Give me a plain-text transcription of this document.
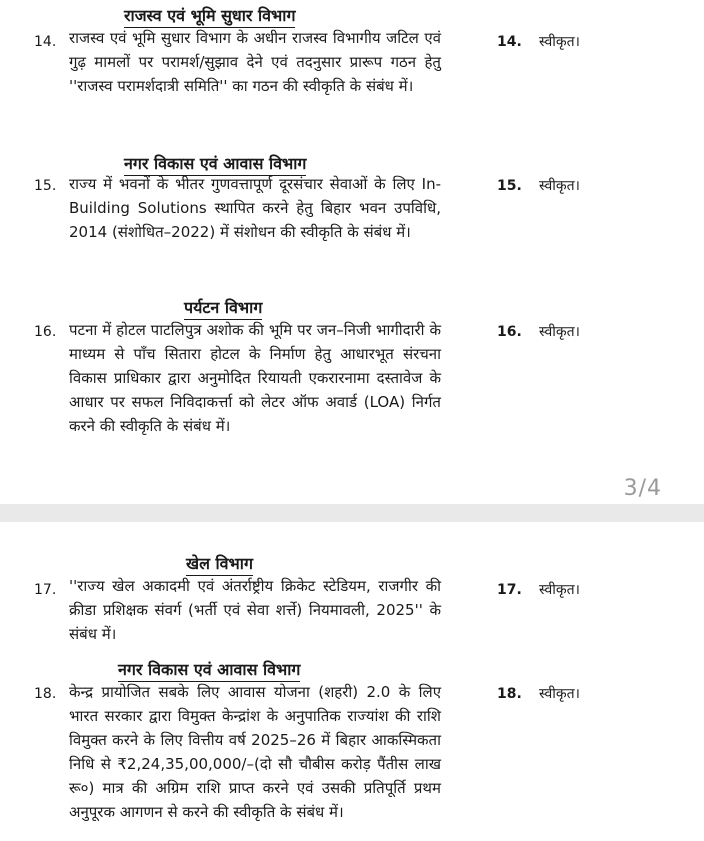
राजस्व एवं भूमि सुधार विभाग
14. राजस्व एवं भूमि सुधार विभाग के अधीन राजस्व विभागीय जटिल एवं गुढ़ मामलों पर परामर्श/सुझाव देने एवं तदनुसार प्रारूप गठन हेतु ''राजस्व परामर्शदात्री समिति'' का गठन की स्वीकृति के संबंध में।
14. स्वीकृत।
नगर विकास एवं आवास विभाग
15. राज्य में भवनों के भीतर गुणवत्तापूर्ण दूरसंचार सेवाओं के लिए In-Building Solutions स्थापित करने हेतु बिहार भवन उपविधि, 2014 (संशोधित–2022) में संशोधन की स्वीकृति के संबंध में।
15. स्वीकृत।
पर्यटन विभाग
16. पटना में होटल पाटलिपुत्र अशोक की भूमि पर जन–निजी भागीदारी के माध्यम से पाँच सितारा होटल के निर्माण हेतु आधारभूत संरचना विकास प्राधिकार द्वारा अनुमोदित रियायती एकरारनामा दस्तावेज के आधार पर सफल निविदाकर्त्ता को लेटर ऑफ अवार्ड (LOA) निर्गत करने की स्वीकृति के संबंध में।
16. स्वीकृत।
3/4
खेल विभाग
17. ''राज्य खेल अकादमी एवं अंतर्राष्ट्रीय क्रिकेट स्टेडियम, राजगीर की क्रीडा प्रशिक्षक संवर्ग (भर्ती एवं सेवा शर्त्ते) नियमावली, 2025'' के संबंध में।
17. स्वीकृत।
नगर विकास एवं आवास विभाग
18. केन्द्र प्रायोजित सबके लिए आवास योजना (शहरी) 2.0 के लिए भारत सरकार द्वारा विमुक्त केन्द्रांश के अनुपातिक राज्यांश की राशि विमुक्त करने के लिए वित्तीय वर्ष 2025–26 में बिहार आकस्मिकता निधि से ₹2,24,35,00,000/–(दो सौ चौबीस करोड़ पैंतीस लाख रू०) मात्र की अग्रिम राशि प्राप्त करने एवं उसकी प्रतिपूर्ति प्रथम अनुपूरक आगणन से करने की स्वीकृति के संबंध में।
18. स्वीकृत।
